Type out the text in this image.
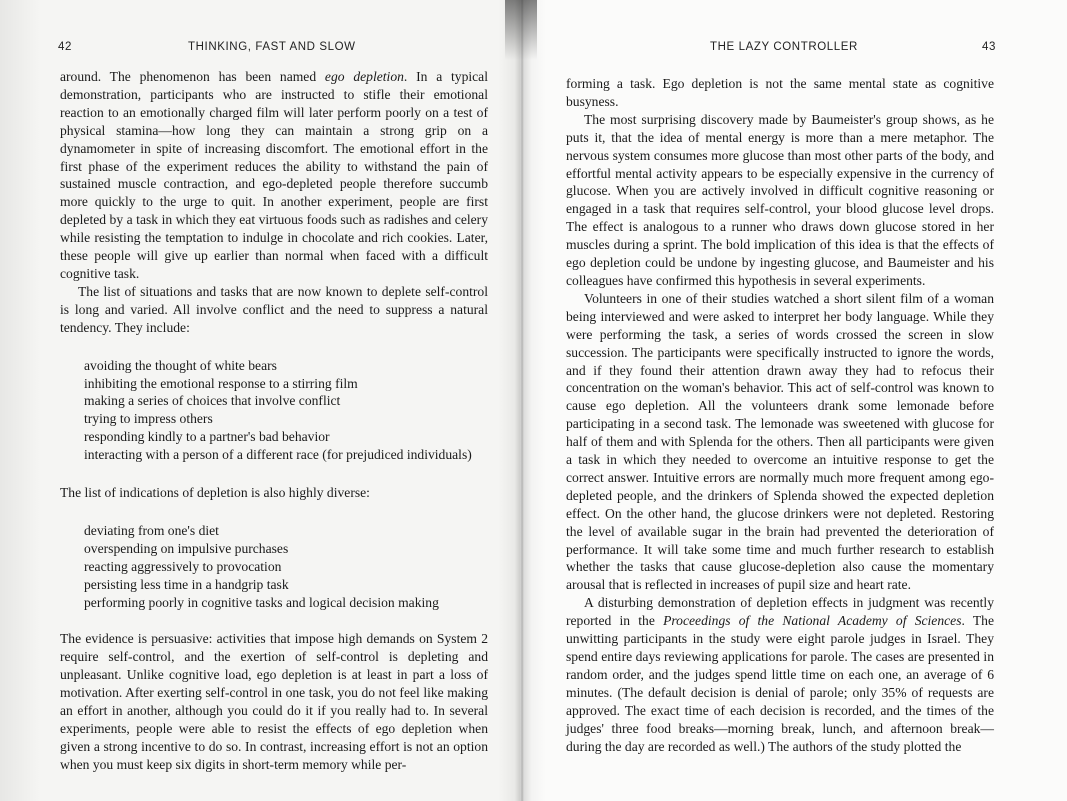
42	THINKING, FAST AND SLOW

around. The phenomenon has been named ego depletion. In a typical demonstration, participants who are instructed to stifle their emotional reaction to an emotionally charged film will later perform poorly on a test of physical stamina—how long they can maintain a strong grip on a dynamometer in spite of increasing discomfort. The emotional effort in the first phase of the experiment reduces the ability to withstand the pain of sustained muscle contraction, and ego-depleted people therefore succumb more quickly to the urge to quit. In another experiment, people are first depleted by a task in which they eat virtuous foods such as radishes and celery while resisting the temptation to indulge in chocolate and rich cookies. Later, these people will give up earlier than normal when faced with a difficult cognitive task.

The list of situations and tasks that are now known to deplete self-control is long and varied. All involve conflict and the need to suppress a natural tendency. They include:

avoiding the thought of white bears
inhibiting the emotional response to a stirring film
making a series of choices that involve conflict
trying to impress others
responding kindly to a partner's bad behavior
interacting with a person of a different race (for prejudiced individuals)

The list of indications of depletion is also highly diverse:

deviating from one's diet
overspending on impulsive purchases
reacting aggressively to provocation
persisting less time in a handgrip task
performing poorly in cognitive tasks and logical decision making

The evidence is persuasive: activities that impose high demands on System 2 require self-control, and the exertion of self-control is depleting and unpleasant. Unlike cognitive load, ego depletion is at least in part a loss of motivation. After exerting self-control in one task, you do not feel like making an effort in another, although you could do it if you really had to. In several experiments, people were able to resist the effects of ego depletion when given a strong incentive to do so. In contrast, increasing effort is not an option when you must keep six digits in short-term memory while per-

THE LAZY CONTROLLER	43

forming a task. Ego depletion is not the same mental state as cognitive busyness.

The most surprising discovery made by Baumeister's group shows, as he puts it, that the idea of mental energy is more than a mere metaphor. The nervous system consumes more glucose than most other parts of the body, and effortful mental activity appears to be especially expensive in the currency of glucose. When you are actively involved in difficult cognitive reasoning or engaged in a task that requires self-control, your blood glucose level drops. The effect is analogous to a runner who draws down glucose stored in her muscles during a sprint. The bold implication of this idea is that the effects of ego depletion could be undone by ingesting glucose, and Baumeister and his colleagues have confirmed this hypothesis in several experiments.

Volunteers in one of their studies watched a short silent film of a woman being interviewed and were asked to interpret her body language. While they were performing the task, a series of words crossed the screen in slow succession. The participants were specifically instructed to ignore the words, and if they found their attention drawn away they had to refocus their concentration on the woman's behavior. This act of self-control was known to cause ego depletion. All the volunteers drank some lemonade before participating in a second task. The lemonade was sweetened with glucose for half of them and with Splenda for the others. Then all participants were given a task in which they needed to overcome an intuitive response to get the correct answer. Intuitive errors are normally much more frequent among ego-depleted people, and the drinkers of Splenda showed the expected depletion effect. On the other hand, the glucose drinkers were not depleted. Restoring the level of available sugar in the brain had prevented the deterioration of performance. It will take some time and much further research to establish whether the tasks that cause glucose-depletion also cause the momentary arousal that is reflected in increases of pupil size and heart rate.

A disturbing demonstration of depletion effects in judgment was recently reported in the Proceedings of the National Academy of Sciences. The unwitting participants in the study were eight parole judges in Israel. They spend entire days reviewing applications for parole. The cases are presented in random order, and the judges spend little time on each one, an average of 6 minutes. (The default decision is denial of parole; only 35% of requests are approved. The exact time of each decision is recorded, and the times of the judges' three food breaks—morning break, lunch, and afternoon break—during the day are recorded as well.) The authors of the study plotted the
